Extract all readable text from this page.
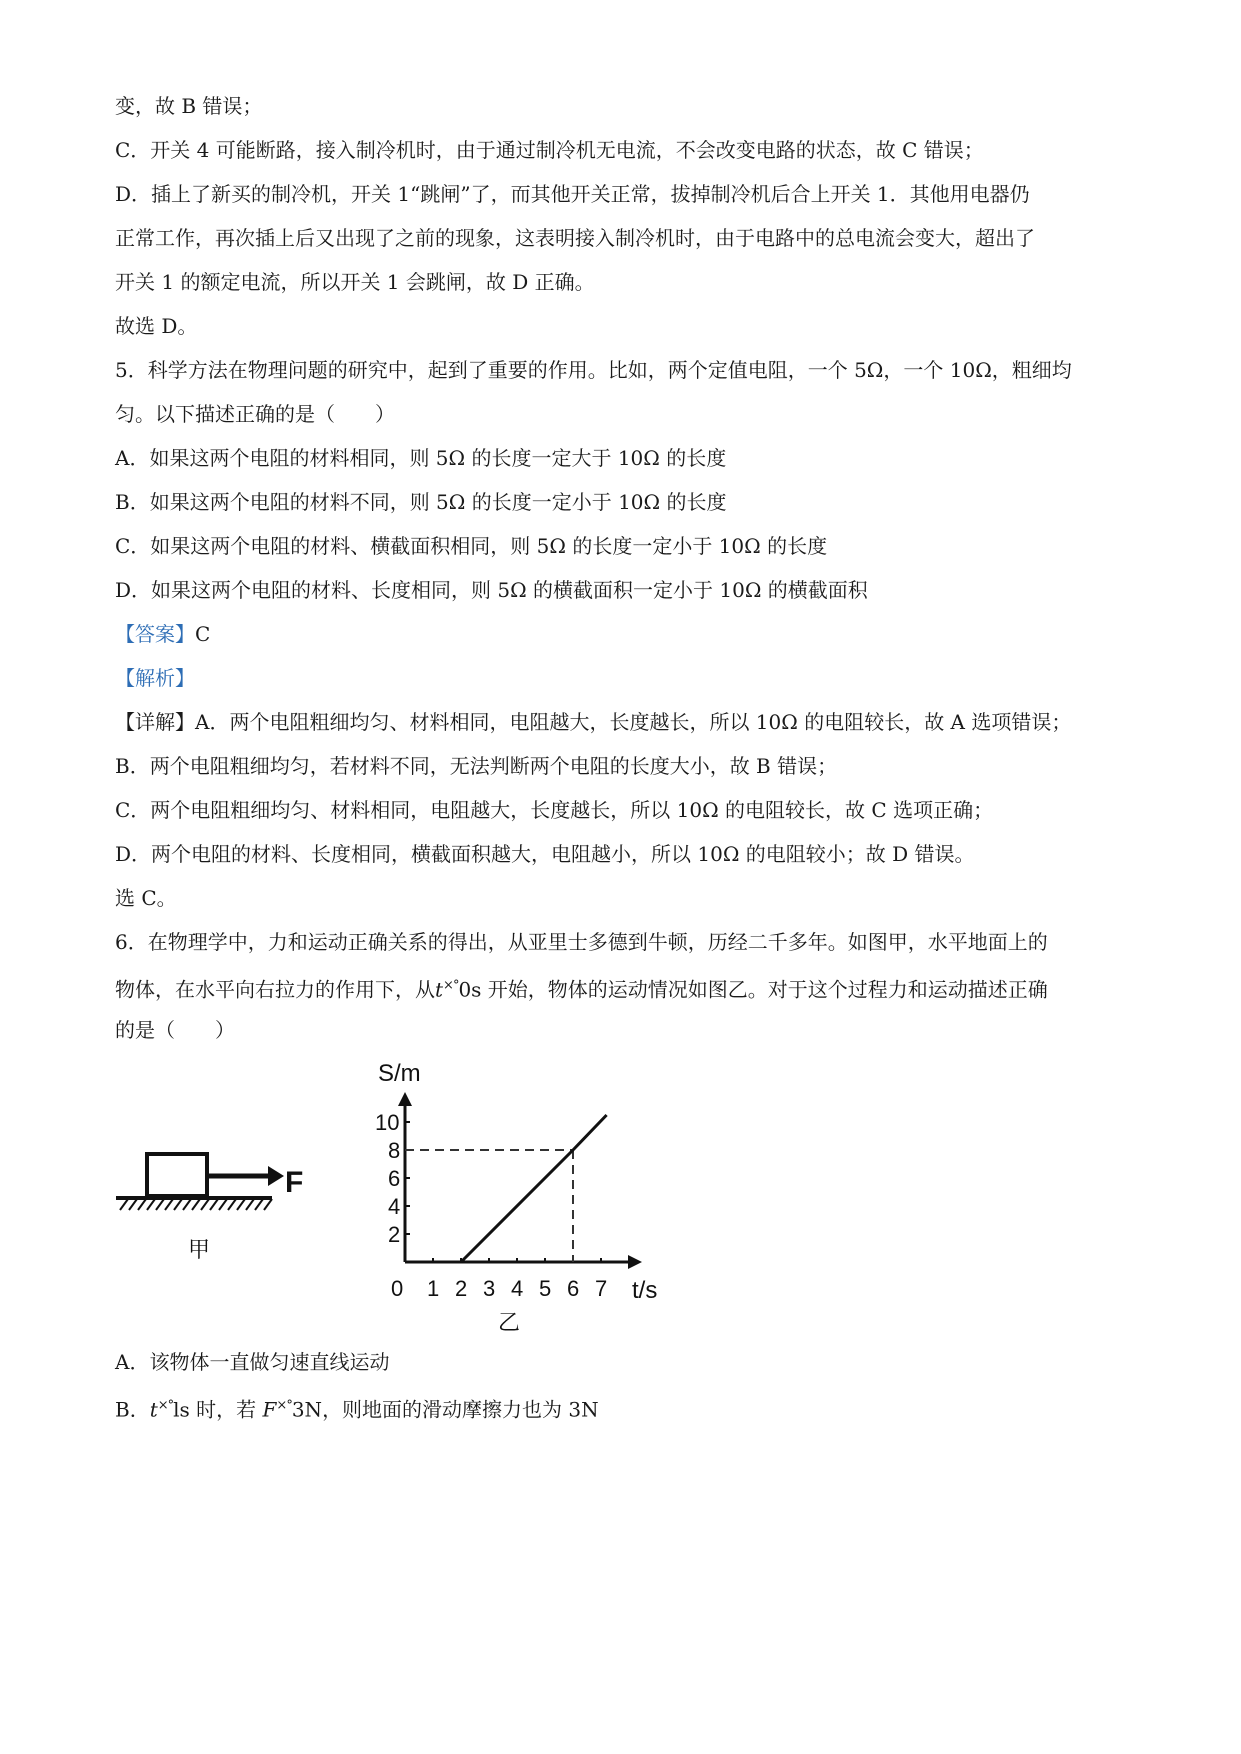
变，故 B 错误；
C．开关 4 可能断路，接入制冷机时，由于通过制冷机无电流，不会改变电路的状态，故 C 错误；
D．插上了新买的制冷机，开关 1“跳闸”了，而其他开关正常，拔掉制冷机后合上开关 1．其他用电器仍
正常工作，再次插上后又出现了之前的现象，这表明接入制冷机时，由于电路中的总电流会变大，超出了
开关 1 的额定电流，所以开关 1 会跳闸，故 D 正确。
故选 D。
5．科学方法在物理问题的研究中，起到了重要的作用。比如，两个定值电阻，一个 5Ω，一个 10Ω，粗细均
匀。以下描述正确的是（　　）
A．如果这两个电阻的材料相同，则 5Ω 的长度一定大于 10Ω 的长度
B．如果这两个电阻的材料不同，则 5Ω 的长度一定小于 10Ω 的长度
C．如果这两个电阻的材料、横截面积相同，则 5Ω 的长度一定小于 10Ω 的长度
D．如果这两个电阻的材料、长度相同，则 5Ω 的横截面积一定小于 10Ω 的横截面积
【答案】C
【解析】
【详解】A．两个电阻粗细均匀、材料相同，电阻越大，长度越长，所以 10Ω 的电阻较长，故 A 选项错误；
B．两个电阻粗细均匀，若材料不同，无法判断两个电阻的长度大小，故 B 错误；
C．两个电阻粗细均匀、材料相同，电阻越大，长度越长，所以 10Ω 的电阻较长，故 C 选项正确；
D．两个电阻的材料、长度相同，横截面积越大，电阻越小，所以 10Ω 的电阻较小；故 D 错误。
选 C。
6．在物理学中，力和运动正确关系的得出，从亚里士多德到牛顿，历经二千多年。如图甲，水平地面上的
物体，在水平向右拉力的作用下，从t×°0s 开始，物体的运动情况如图乙。对于这个过程力和运动描述正确
的是（　　）
F
甲
S/m
t/s
乙
0 1 2 3 4 5 6 7
2
4
6
8
10
A．该物体一直做匀速直线运动
B．t×°ls 时，若 F×°3N，则地面的滑动摩擦力也为 3N
